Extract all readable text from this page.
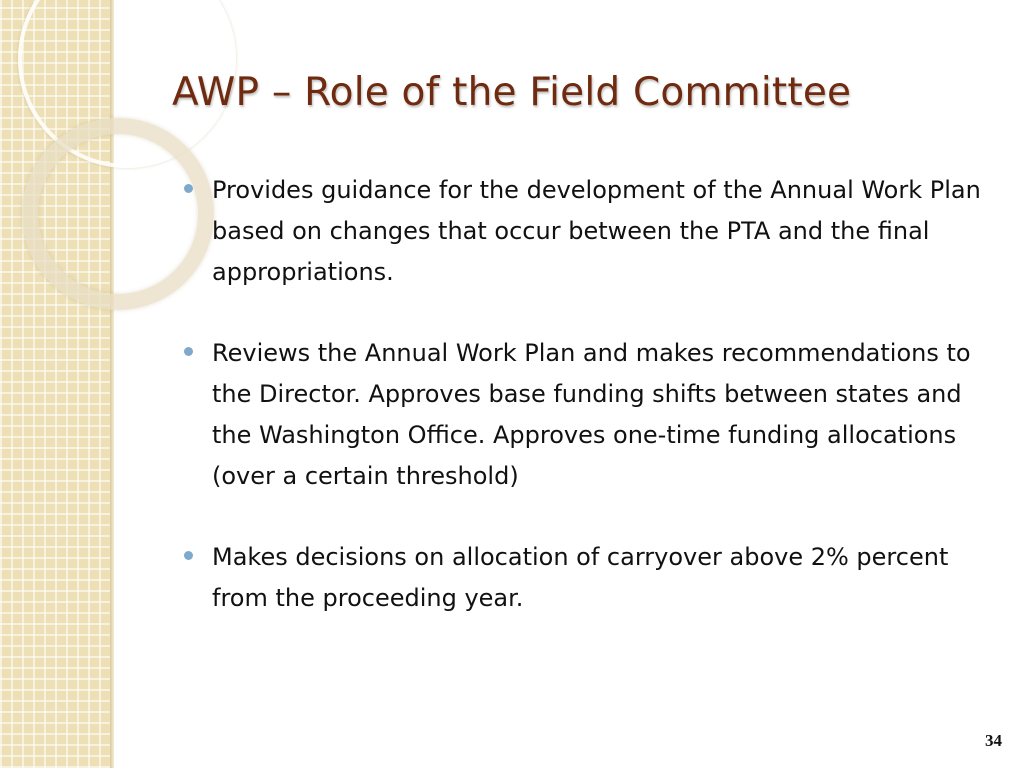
AWP – Role of the Field Committee
Provides guidance for the development of the Annual Work Plan based on changes that occur between the PTA and the final appropriations.
Reviews the Annual Work Plan and makes recommendations to the Director. Approves base funding shifts between states and the Washington Office. Approves one-time funding allocations (over a certain threshold)
Makes decisions on allocation of carryover above 2% percent from the proceeding year.
34
